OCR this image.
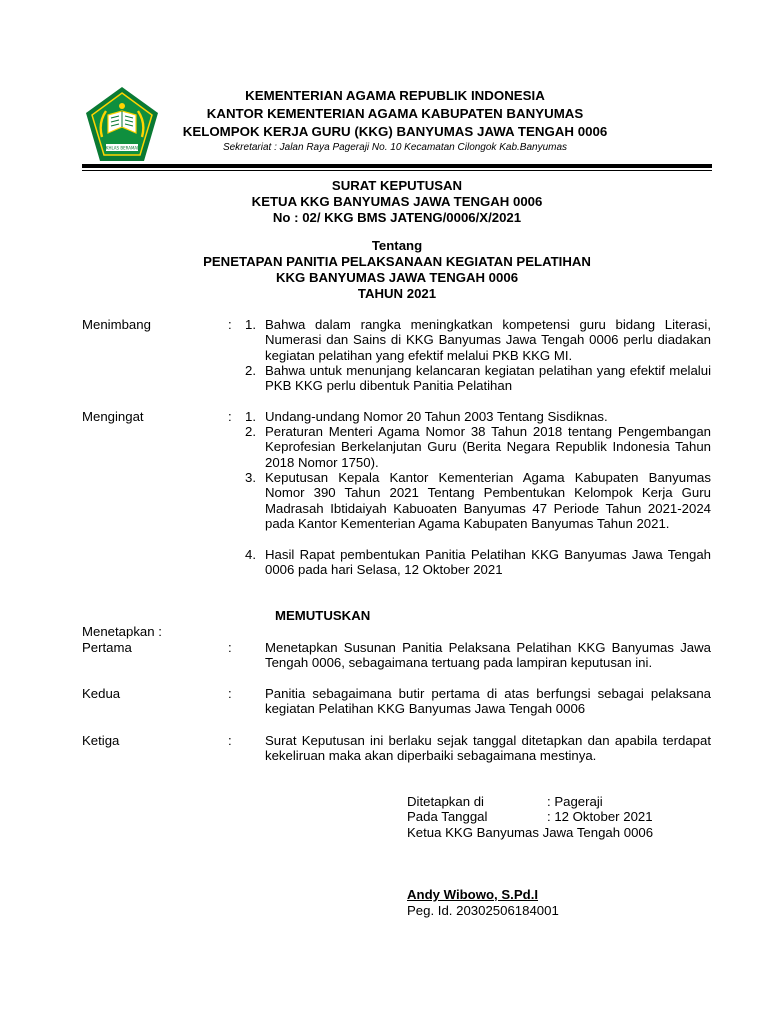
IKHLAS BERAMAL
KEMENTERIAN AGAMA REPUBLIK INDONESIA
KANTOR KEMENTERIAN AGAMA KABUPATEN BANYUMAS
KELOMPOK KERJA GURU (KKG) BANYUMAS JAWA TENGAH 0006
Sekretariat : Jalan Raya Pageraji No. 10 Kecamatan Cilongok Kab.Banyumas
SURAT KEPUTUSAN
KETUA KKG BANYUMAS JAWA TENGAH 0006
No : 02/ KKG BMS JATENG/0006/X/2021
Tentang
PENETAPAN PANITIA PELAKSANAAN KEGIATAN PELATIHAN
KKG BANYUMAS JAWA TENGAH 0006
TAHUN 2021
Menimbang	:	1. Bahwa dalam rangka meningkatkan kompetensi guru bidang Literasi, Numerasi dan Sains di KKG Banyumas Jawa Tengah 0006 perlu diadakan kegiatan pelatihan yang efektif melalui PKB KKG MI.
2. Bahwa untuk menunjang kelancaran kegiatan pelatihan yang efektif melalui PKB KKG perlu dibentuk Panitia Pelatihan
Mengingat	:	1. Undang-undang Nomor 20 Tahun 2003 Tentang Sisdiknas.
2. Peraturan Menteri Agama Nomor 38 Tahun 2018 tentang Pengembangan Keprofesian Berkelanjutan Guru (Berita Negara Republik Indonesia Tahun 2018 Nomor 1750).
3. Keputusan Kepala Kantor Kementerian Agama Kabupaten Banyumas Nomor 390 Tahun 2021 Tentang Pembentukan Kelompok Kerja Guru Madrasah Ibtidaiyah Kabuoaten Banyumas 47 Periode Tahun 2021-2024 pada Kantor Kementerian Agama Kabupaten Banyumas Tahun 2021.
4. Hasil Rapat pembentukan Panitia Pelatihan KKG Banyumas Jawa Tengah 0006 pada hari Selasa, 12 Oktober 2021
MEMUTUSKAN
Menetapkan :
Pertama	:	Menetapkan Susunan Panitia Pelaksana Pelatihan KKG Banyumas Jawa Tengah 0006, sebagaimana tertuang pada lampiran keputusan ini.
Kedua	:	Panitia sebagaimana butir pertama di atas berfungsi sebagai pelaksana kegiatan Pelatihan KKG Banyumas Jawa Tengah 0006
Ketiga	:	Surat Keputusan ini berlaku sejak tanggal ditetapkan dan apabila terdapat kekeliruan maka akan diperbaiki sebagaimana mestinya.
Ditetapkan di	: Pageraji
Pada Tanggal	: 12 Oktober 2021
Ketua KKG Banyumas Jawa Tengah 0006
Andy Wibowo, S.Pd.I
Peg. Id. 20302506184001
